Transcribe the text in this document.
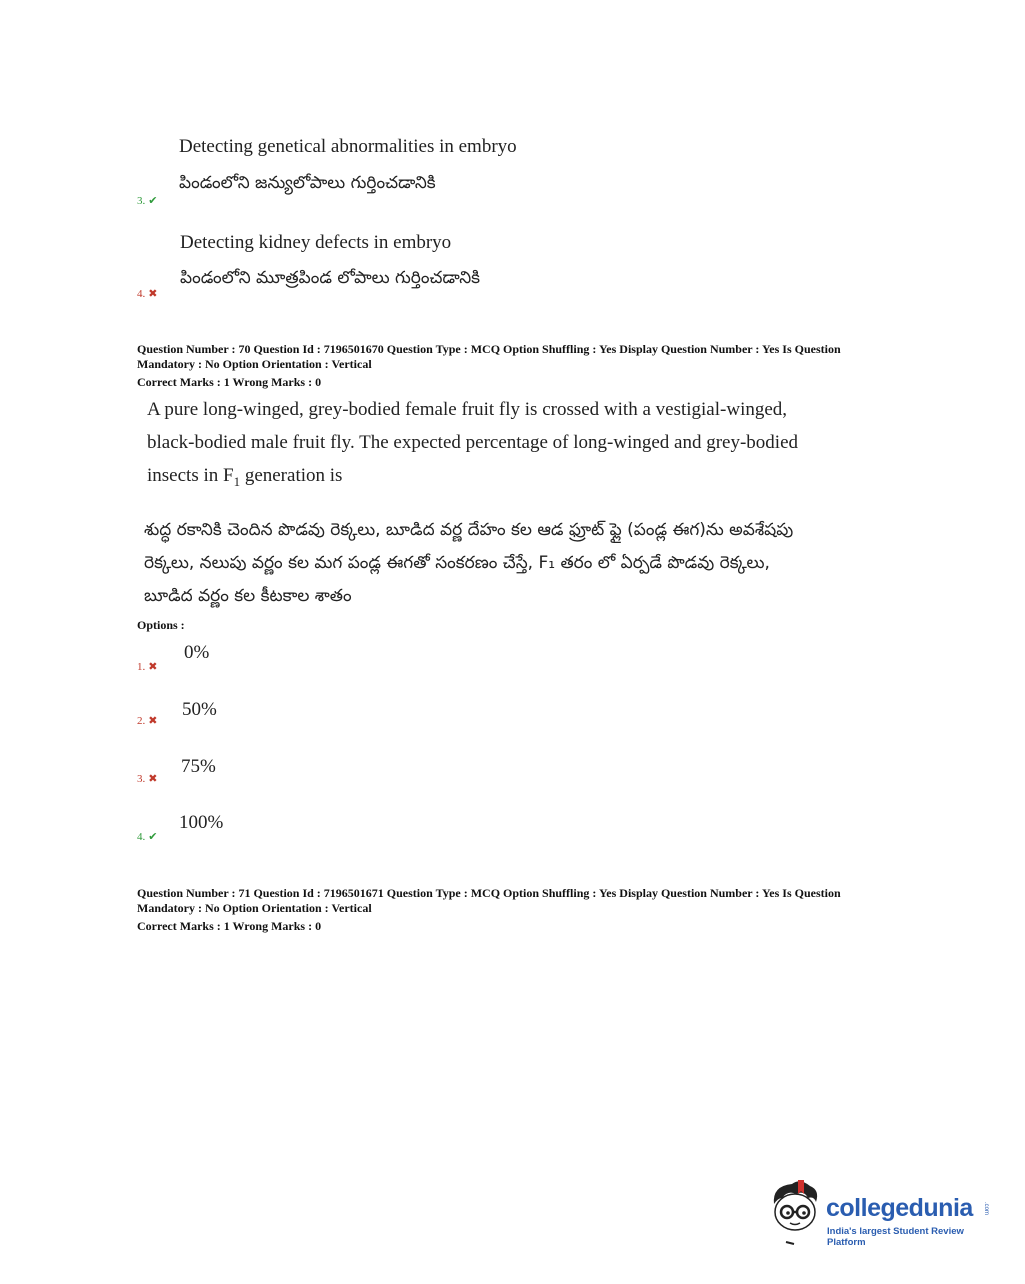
Detecting genetical abnormalities in embryo
పిండంలోని జన్యులోపాలు గుర్తించడానికి
3. ✔
Detecting kidney defects in embryo
పిండంలోని మూత్రపిండ లోపాలు గుర్తించడానికి
4. ✖
Question Number : 70 Question Id : 7196501670 Question Type : MCQ Option Shuffling : Yes Display Question Number : Yes Is Question
Mandatory : No Option Orientation : Vertical
Correct Marks : 1 Wrong Marks : 0
A pure long-winged, grey-bodied female fruit fly is crossed with a vestigial-winged,
black-bodied male fruit fly. The expected percentage of long-winged and grey-bodied
insects in $F_1$ generation is
శుద్ధ రకానికి చెందిన పొడవు రెక్కలు, బూడిద వర్ణ దేహం కల ఆడ ఫ్రూట్ ఫ్లై (పండ్ల ఈగ)ను అవశేషపు
రెక్కలు, నలుపు వర్ణం కల మగ పండ్ల ఈగతో సంకరణం చేస్తే, F₁ తరం లో ఏర్పడే పొడవు రెక్కలు,
బూడిద వర్ణం కల కీటకాల శాతం
Options :
0%
1. ✖
50%
2. ✖
75%
3. ✖
100%
4. ✔
Question Number : 71 Question Id : 7196501671 Question Type : MCQ Option Shuffling : Yes Display Question Number : Yes Is Question
Mandatory : No Option Orientation : Vertical
Correct Marks : 1 Wrong Marks : 0
collegedunia .com
India's largest Student Review Platform
